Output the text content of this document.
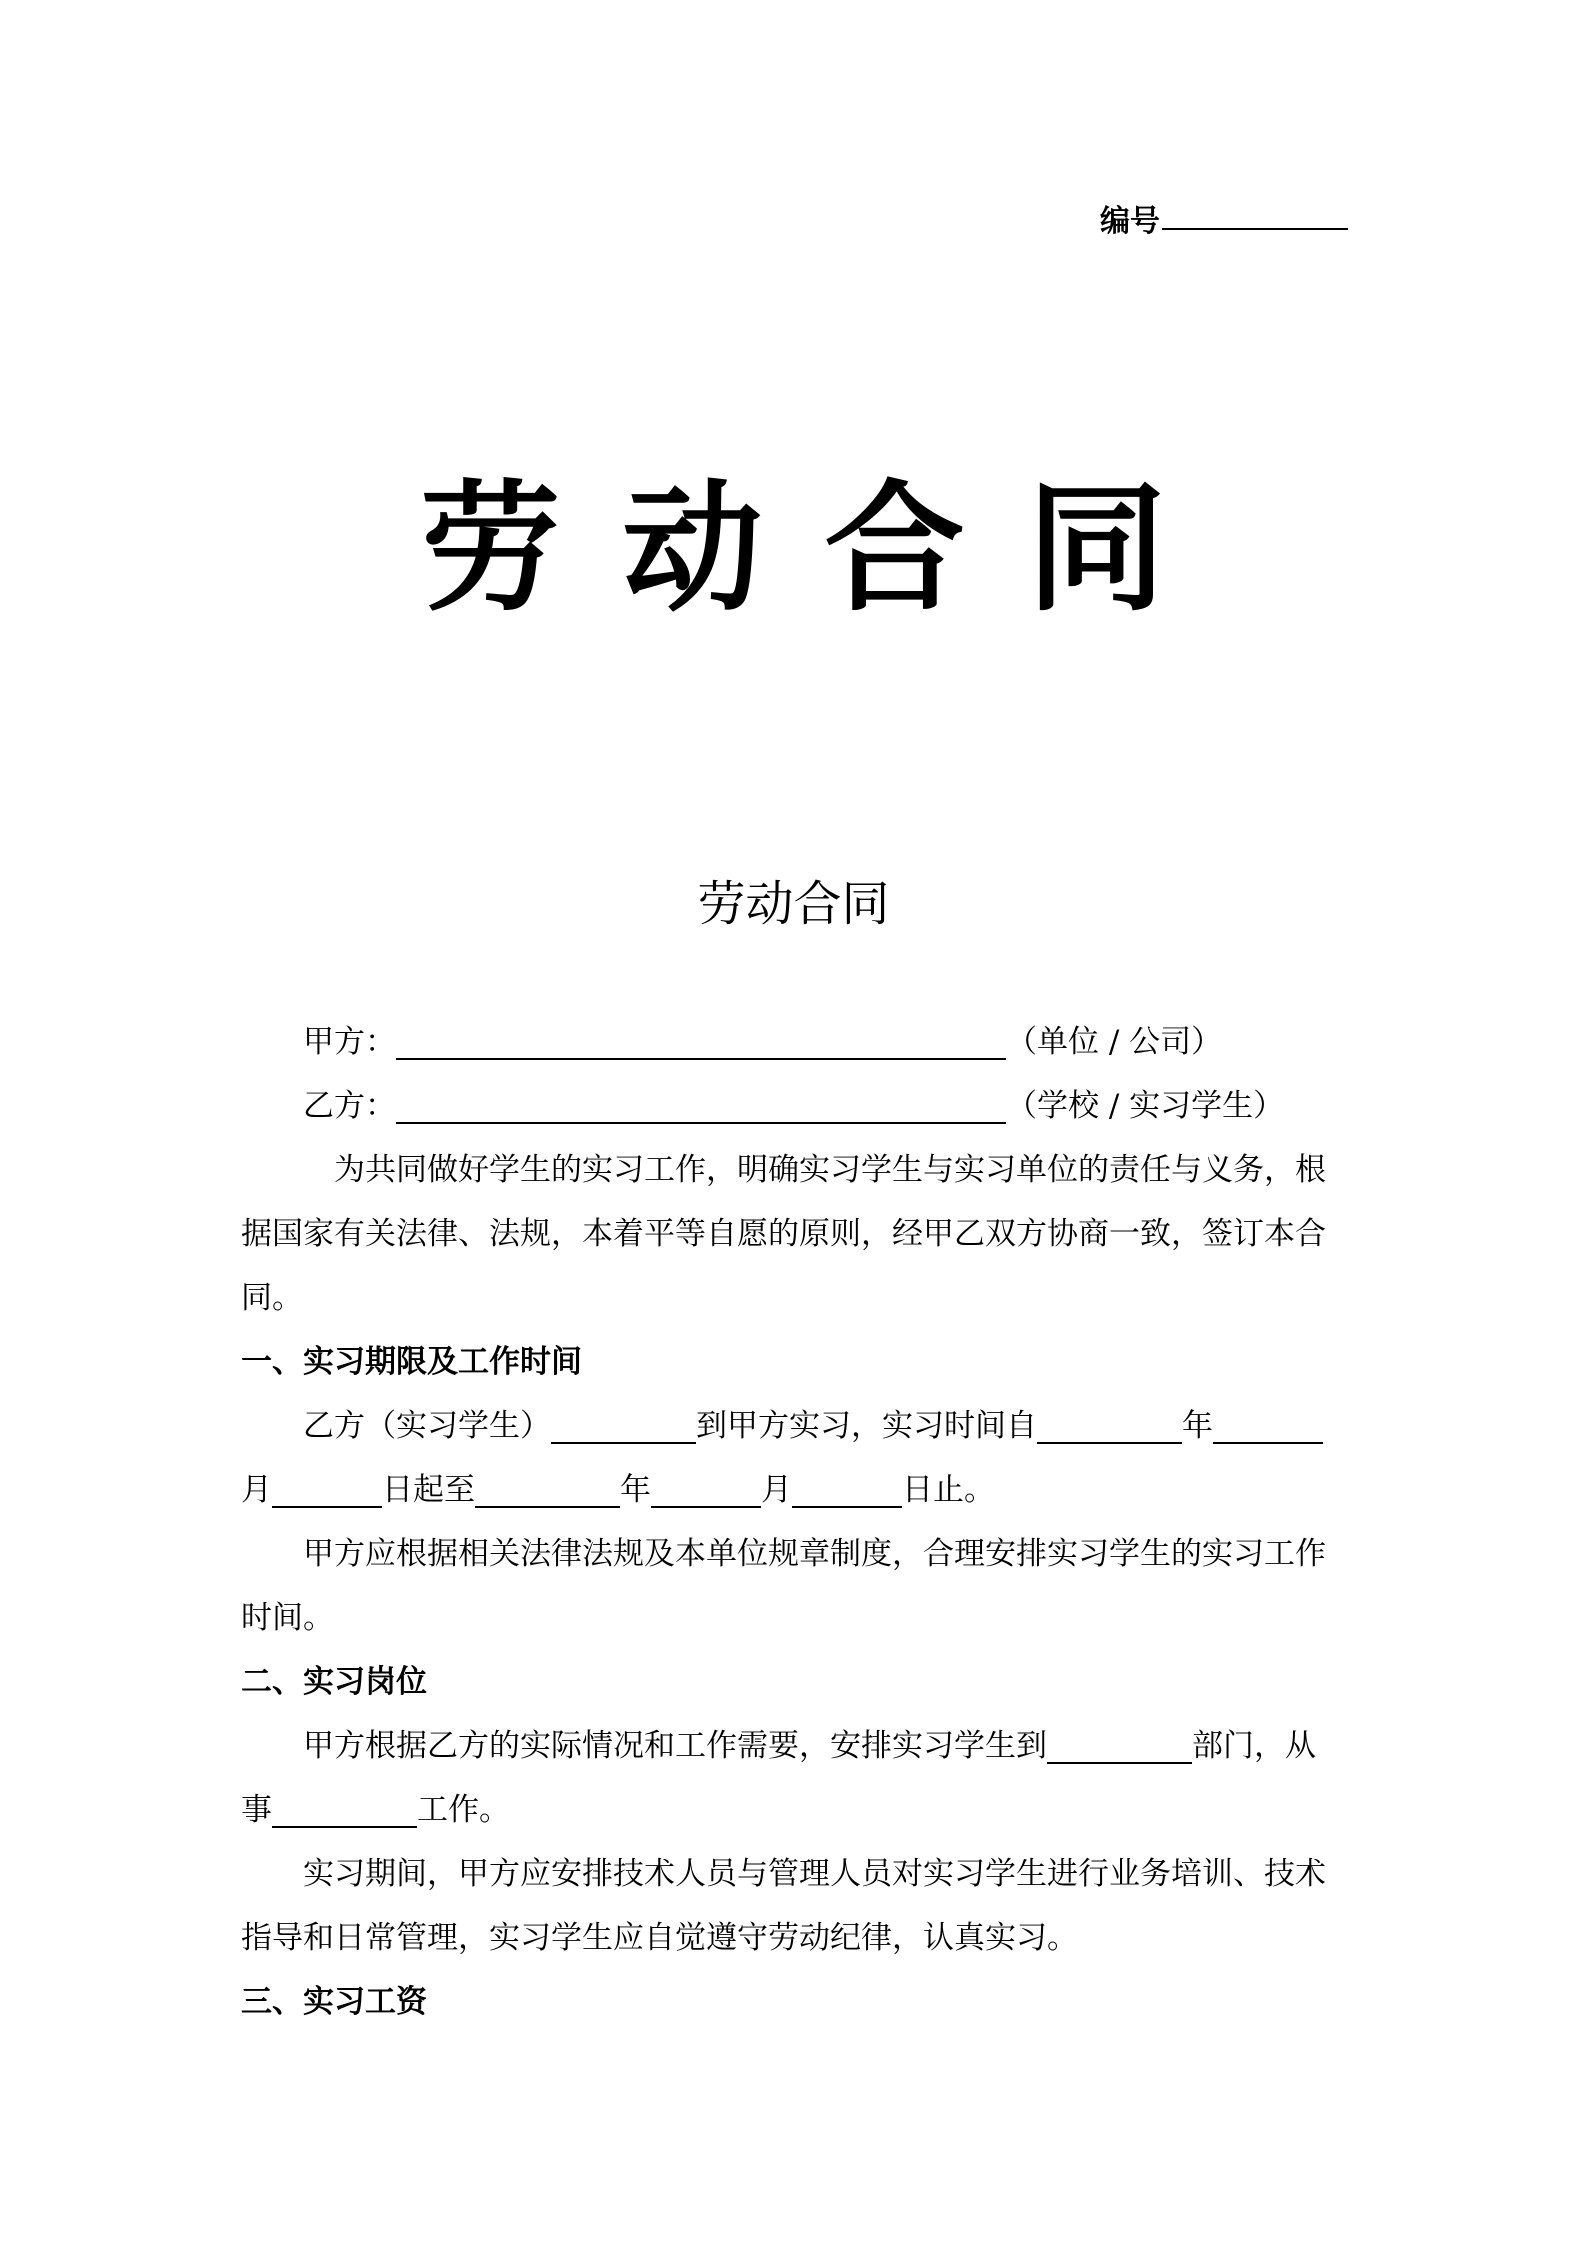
编号
劳动合同
劳动合同
甲方：	（单位 / 公司）
乙方：	（学校 / 实习学生）
为共同做好学生的实习工作，明确实习学生与实习单位的责任与义务，根
据国家有关法律、法规，本着平等自愿的原则，经甲乙双方协商一致，签订本合
同。
一、实习期限及工作时间
乙方（实习学生）	到甲方实习，实习时间自	年
月	日起至	年	月	日止。
甲方应根据相关法律法规及本单位规章制度，合理安排实习学生的实习工作
时间。
二、实习岗位
甲方根据乙方的实际情况和工作需要，安排实习学生到	部门，从
事	工作。
实习期间，甲方应安排技术人员与管理人员对实习学生进行业务培训、技术
指导和日常管理，实习学生应自觉遵守劳动纪律，认真实习。
三、实习工资
